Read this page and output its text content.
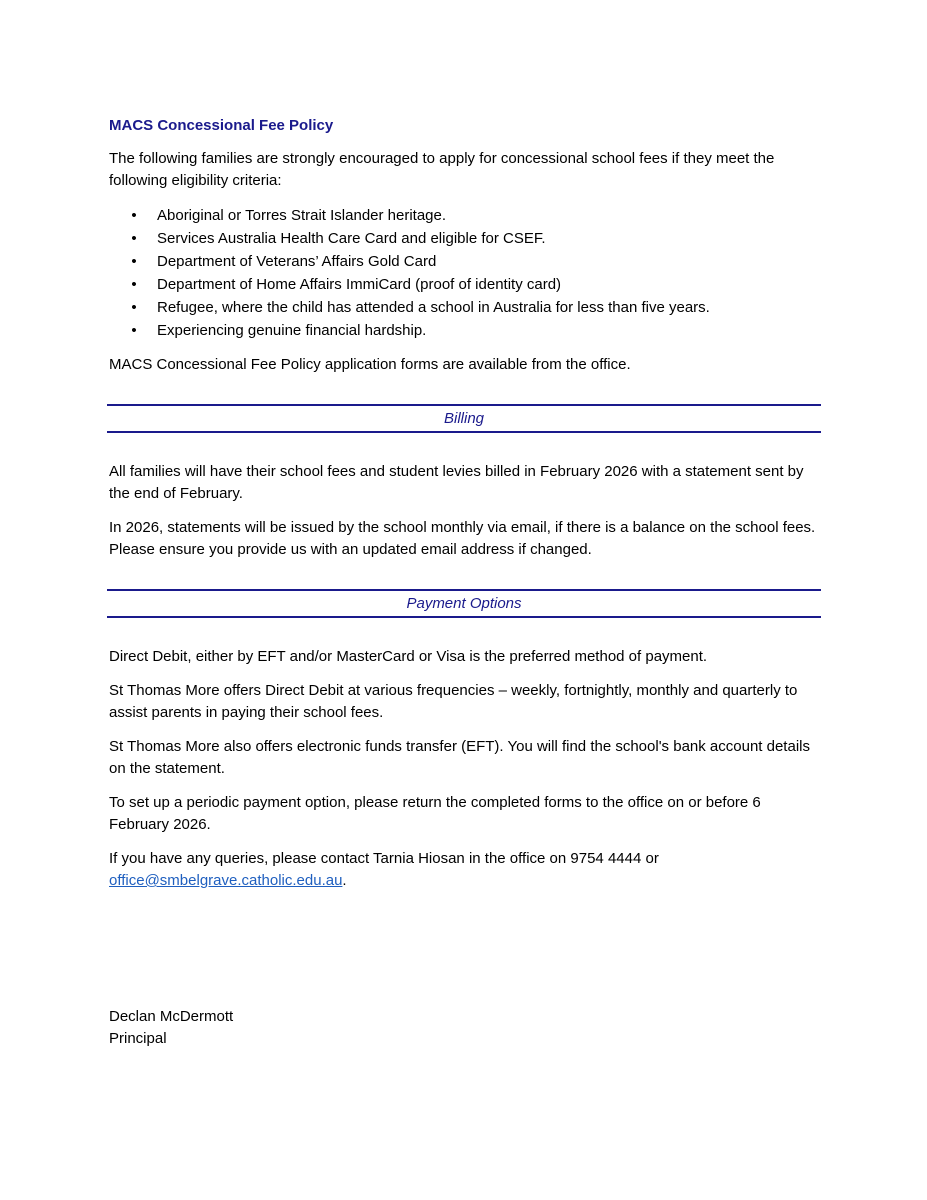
MACS Concessional Fee Policy

The following families are strongly encouraged to apply for concessional school fees if they meet the following eligibility criteria:

• Aboriginal or Torres Strait Islander heritage.
• Services Australia Health Care Card and eligible for CSEF.
• Department of Veterans’ Affairs Gold Card
• Department of Home Affairs ImmiCard (proof of identity card)
• Refugee, where the child has attended a school in Australia for less than five years.
• Experiencing genuine financial hardship.

MACS Concessional Fee Policy application forms are available from the office.

Billing

All families will have their school fees and student levies billed in February 2026 with a statement sent by the end of February.

In 2026, statements will be issued by the school monthly via email, if there is a balance on the school fees. Please ensure you provide us with an updated email address if changed.

Payment Options

Direct Debit, either by EFT and/or MasterCard or Visa is the preferred method of payment.

St Thomas More offers Direct Debit at various frequencies – weekly, fortnightly, monthly and quarterly to assist parents in paying their school fees.

St Thomas More also offers electronic funds transfer (EFT). You will find the school's bank account details on the statement.

To set up a periodic payment option, please return the completed forms to the office on or before 6 February 2026.

If you have any queries, please contact Tarnia Hiosan in the office on 9754 4444 or
office@smbelgrave.catholic.edu.au.

Declan McDermott
Principal
